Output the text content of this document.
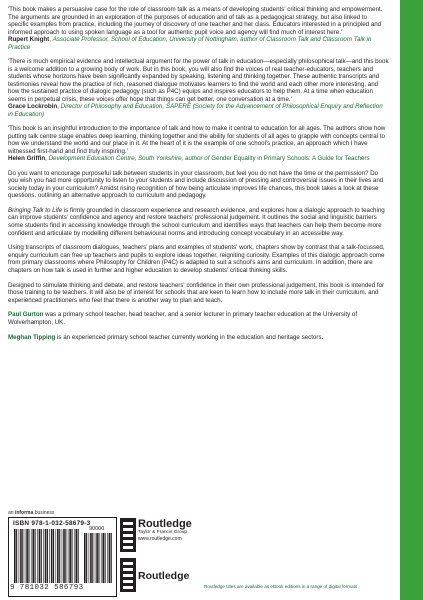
'This book makes a persuasive case for the role of classroom talk as a means of developing students' critical thinking and empowerment. The arguments are grounded in an exploration of the purposes of education and of talk as a pedagogical strategy, but also linked to specific examples from practice, including the journey of discovery of one teacher and her class. Educators interested in a principled and informed approach to using spoken language as a tool for authentic pupil voice and agency will find much of interest here.'

Rupert Knight, Associate Professor, School of Education, University of Nottingham, author of Classroom Talk and Classroom Talk in Practice

'There is much empirical evidence and intellectual argument for the power of talk in education—especially philosophical talk—and this book is a welcome addition to a growing body of work. But in this book, you will also find the voices of real teacher-educators, teachers and students whose horizons have been significantly expanded by speaking, listening and thinking together. These authentic transcripts and testimonies reveal how the practice of rich, reasoned dialogue motivates learners to find the world and each other more interesting, and how the sustained practice of dialogic pedagogy (such as P4C) equips and inspires educators to help them. At a time when education seems in perpetual crisis, these voices offer hope that things can get better, one conversation at a time.'

Grace Lockrobin, Director of Philosophy and Education, SAPERE (Society for the Advancement of Philosophical Enquiry and Reflection in Education)

'This book is an insightful introduction to the importance of talk and how to make it central to education for all ages. The authors show how putting talk centre stage enables deep learning, thinking together and the ability for students of all ages to grapple with concepts central to how we understand the world and our place in it. At the heart of it is the example of one school's practice, an approach which I have witnessed first-hand and find truly inspiring.'

Helen Griffin, Development Education Centre, South Yorkshire, author of Gender Equality in Primary Schools: A Guide for Teachers

Do you want to encourage purposeful talk between students in your classroom, but feel you do not have the time or the permission? Do you wish you had more opportunity to listen to your students and include discussion of pressing and controversial issues in their lives and society today in your curriculum? Amidst rising recognition of how being articulate improves life chances, this book takes a look at these questions, outlining an alternative approach to curriculum and pedagogy.

Bringing Talk to Life is firmly grounded in classroom experience and research evidence, and explores how a dialogic approach to teaching can improve students' confidence and agency and restore teachers' professional judgement. It outlines the social and linguistic barriers some students find in accessing knowledge through the school curriculum and identifies ways that teachers can help them become more confident and articulate by modelling different behavioural norms and introducing concept vocabulary in an accessible way.

Using transcripts of classroom dialogues, teachers' plans and examples of students' work, chapters show by contrast that a talk-focussed, enquiry curriculum can free up teachers and pupils to explore ideas together, reigniting curiosity. Examples of this dialogic approach come from primary classrooms where Philosophy for Children (P4C) is adapted to suit a school's aims and curriculum. In addition, there are chapters on how talk is used in further and higher education to develop students' critical thinking skills.

Designed to stimulate thinking and debate, and restore teachers' confidence in their own professional judgement, this book is intended for those training to be teachers. It will also be of interest for schools that are keen to learn how to include more talk in their curriculum, and experienced practitioners who feel that there is another way to plan and teach.

Paul Gurton was a primary school teacher, head teacher, and a senior lecturer in primary teacher education at the University of Wolverhampton, UK.

Meghan Tipping is an experienced primary school teacher currently working in the education and heritage sectors.

an informa business
ISBN 978-1-032-58679-3
90000
9 781032 586793
Routledge
Taylor & Francis Group
www.routledge.com
Routledge
Routledge titles are available as eBook editions in a range of digital formats
